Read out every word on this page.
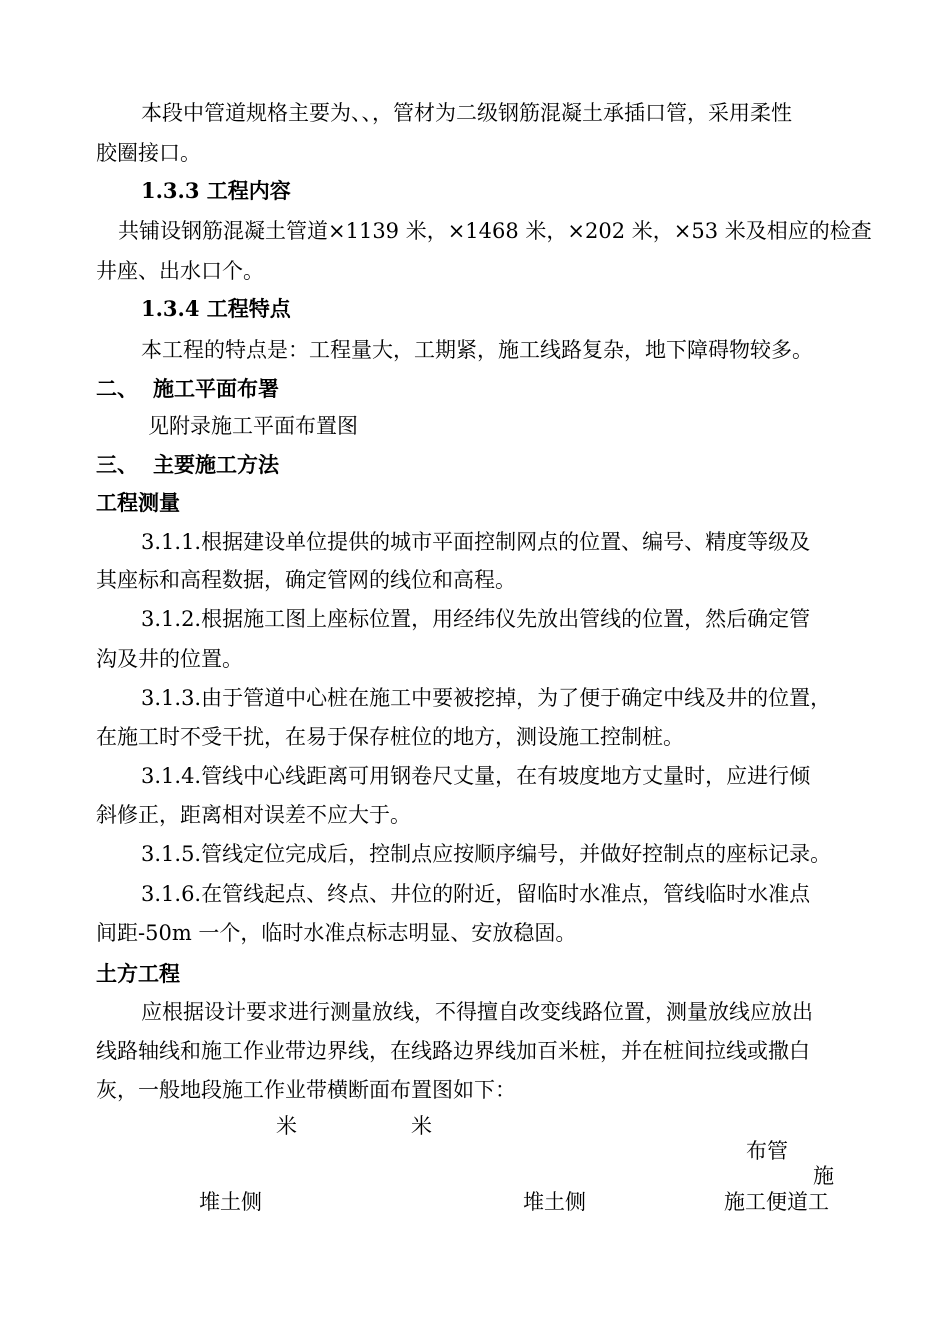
本段中管道规格主要为、、，管材为二级钢筋混凝土承插口管，采用柔性
胶圈接口。
1.3.3 工程内容
共铺设钢筋混凝土管道×1139 米，×1468 米，×202 米，×53 米及相应的检查
井座、出水口个。
1.3.4 工程特点
本工程的特点是：工程量大，工期紧，施工线路复杂，地下障碍物较多。
二、 施工平面布署
见附录施工平面布置图
三、 主要施工方法
工程测量
3.1.1.根据建设单位提供的城市平面控制网点的位置、编号、精度等级及
其座标和高程数据，确定管网的线位和高程。
3.1.2.根据施工图上座标位置，用经纬仪先放出管线的位置，然后确定管
沟及井的位置。
3.1.3.由于管道中心桩在施工中要被挖掉，为了便于确定中线及井的位置，
在施工时不受干扰，在易于保存桩位的地方，测设施工控制桩。
3.1.4.管线中心线距离可用钢卷尺丈量，在有坡度地方丈量时，应进行倾
斜修正，距离相对误差不应大于。
3.1.5.管线定位完成后，控制点应按顺序编号，并做好控制点的座标记录。
3.1.6.在管线起点、终点、井位的附近，留临时水准点，管线临时水准点
间距-50m 一个，临时水准点标志明显、安放稳固。
土方工程
应根据设计要求进行测量放线，不得擅自改变线路位置，测量放线应放出
线路轴线和施工作业带边界线，在线路边界线加百米桩，并在桩间拉线或撒白
灰，一般地段施工作业带横断面布置图如下：
米	米
布管
施
堆土侧	堆土侧	施工便道工
